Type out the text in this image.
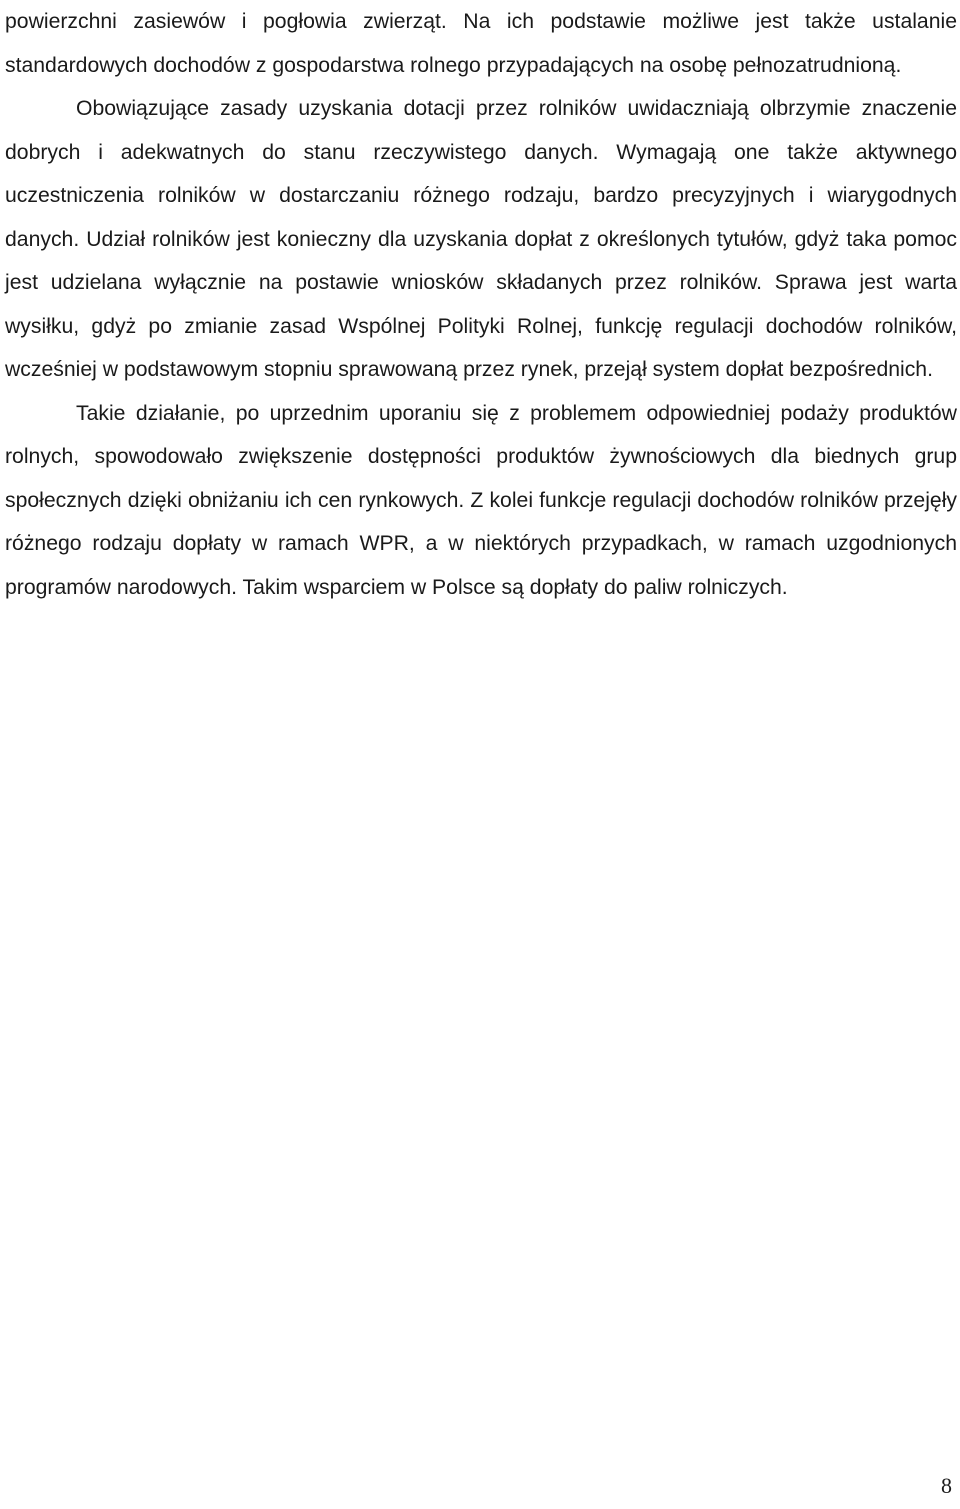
powierzchni zasiewów i pogłowia zwierząt. Na ich podstawie możliwe jest także ustalanie standardowych dochodów z gospodarstwa rolnego przypadających na osobę pełnozatrudnioną.

Obowiązujące zasady uzyskania dotacji przez rolników uwidaczniają olbrzymie znaczenie dobrych i adekwatnych do stanu rzeczywistego danych. Wymagają one także aktywnego uczestniczenia rolników w dostarczaniu różnego rodzaju, bardzo precyzyjnych i wiarygodnych danych. Udział rolników jest konieczny dla uzyskania dopłat z określonych tytułów, gdyż taka pomoc jest udzielana wyłącznie na postawie wniosków składanych przez rolników. Sprawa jest warta wysiłku, gdyż po zmianie zasad Wspólnej Polityki Rolnej, funkcję regulacji dochodów rolników, wcześniej w podstawowym stopniu sprawowaną przez rynek, przejął system dopłat bezpośrednich.

Takie działanie, po uprzednim uporaniu się z problemem odpowiedniej podaży produktów rolnych, spowodowało zwiększenie dostępności produktów żywnościowych dla biednych grup społecznych dzięki obniżaniu ich cen rynkowych. Z kolei funkcje regulacji dochodów rolników przejęły różnego rodzaju dopłaty w ramach WPR, a w niektórych przypadkach, w ramach uzgodnionych programów narodowych. Takim wsparciem w Polsce są dopłaty do paliw rolniczych.

8
